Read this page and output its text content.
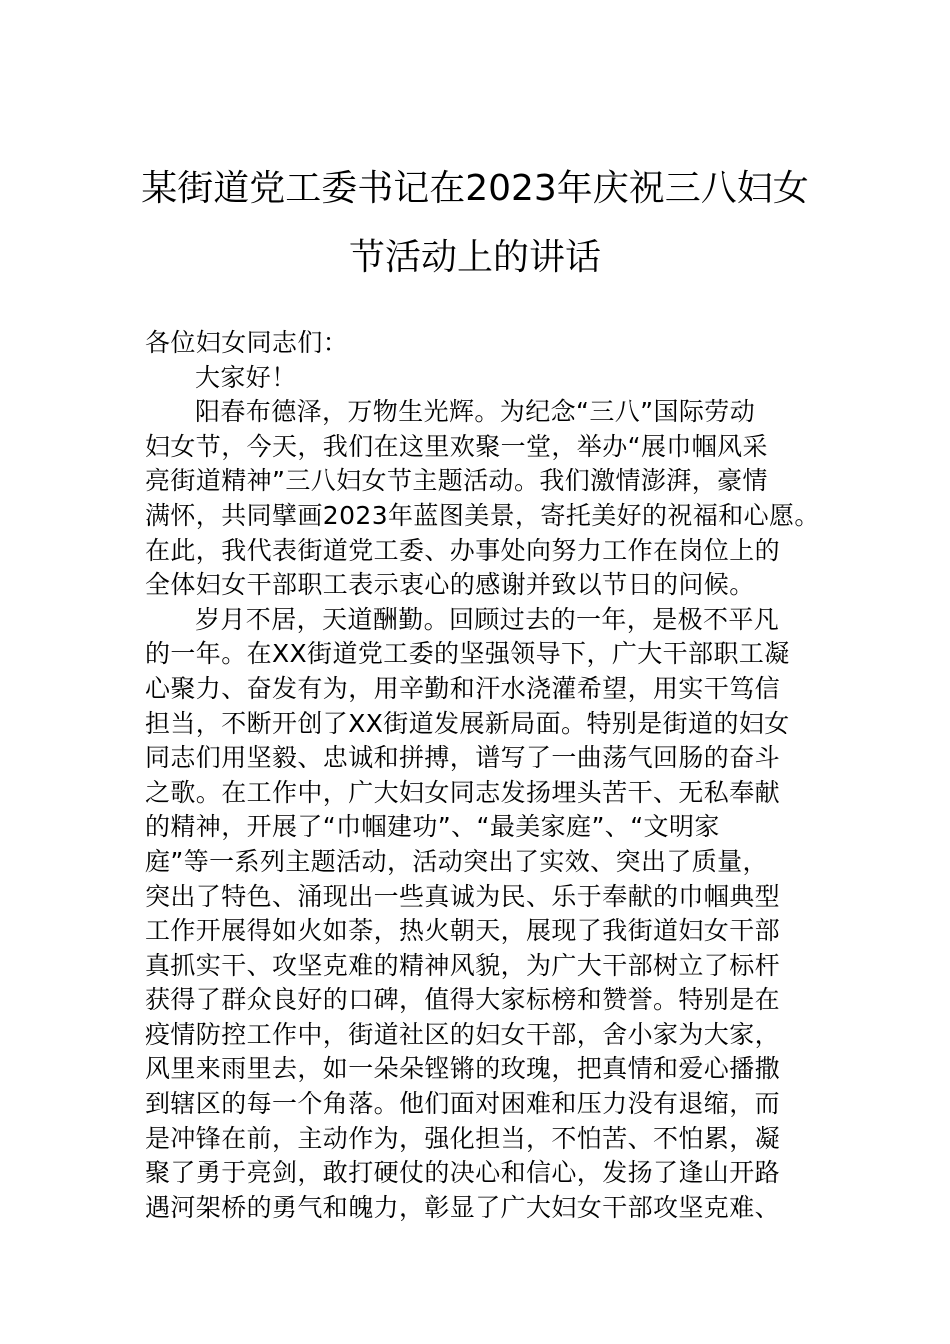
某街道党工委书记在2023年庆祝三八妇女
节活动上的讲话
各位妇女同志们：
大家好！
阳春布德泽，万物生光辉。为纪念“三八”国际劳动
妇女节，今天，我们在这里欢聚一堂，举办“展巾帼风采
亮街道精神”三八妇女节主题活动。我们激情澎湃，豪情
满怀，共同擘画2023年蓝图美景，寄托美好的祝福和心愿。
在此，我代表街道党工委、办事处向努力工作在岗位上的
全体妇女干部职工表示衷心的感谢并致以节日的问候。
岁月不居，天道酬勤。回顾过去的一年，是极不平凡
的一年。在XX街道党工委的坚强领导下，广大干部职工凝
心聚力、奋发有为，用辛勤和汗水浇灌希望，用实干笃信
担当，不断开创了XX街道发展新局面。特别是街道的妇女
同志们用坚毅、忠诚和拼搏，谱写了一曲荡气回肠的奋斗
之歌。在工作中，广大妇女同志发扬埋头苦干、无私奉献
的精神，开展了“巾帼建功”、“最美家庭”、“文明家
庭”等一系列主题活动，活动突出了实效、突出了质量，
突出了特色、涌现出一些真诚为民、乐于奉献的巾帼典型
工作开展得如火如荼，热火朝天，展现了我街道妇女干部
真抓实干、攻坚克难的精神风貌，为广大干部树立了标杆
获得了群众良好的口碑，值得大家标榜和赞誉。特别是在
疫情防控工作中，街道社区的妇女干部，舍小家为大家，
风里来雨里去，如一朵朵铿锵的玫瑰，把真情和爱心播撒
到辖区的每一个角落。他们面对困难和压力没有退缩，而
是冲锋在前，主动作为，强化担当，不怕苦、不怕累，凝
聚了勇于亮剑，敢打硬仗的决心和信心，发扬了逢山开路
遇河架桥的勇气和魄力，彰显了广大妇女干部攻坚克难、
